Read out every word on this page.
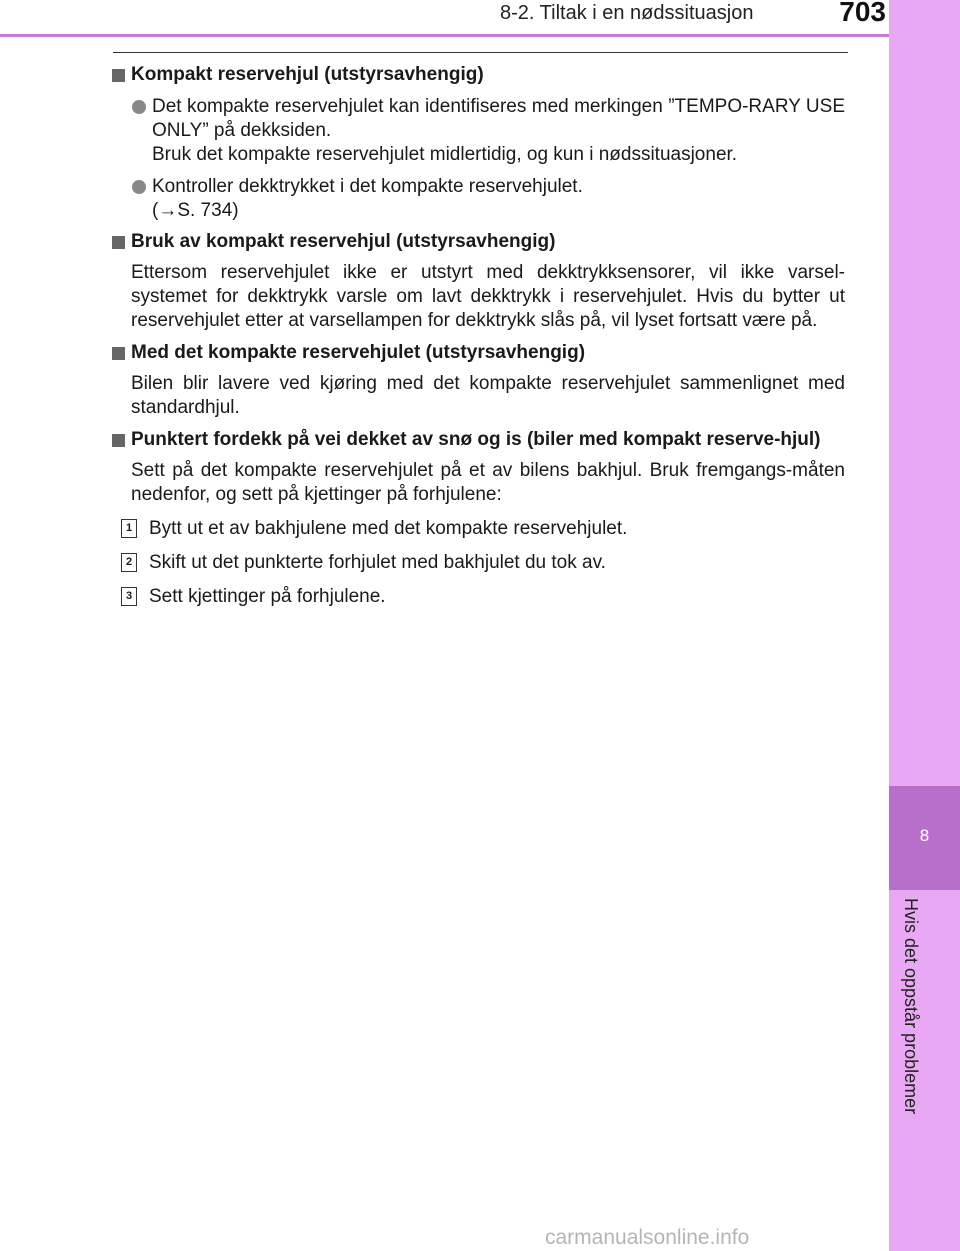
8-2. Tiltak i en nødssituasjon	703
8
Hvis det oppstår problemer

Kompakt reservehjul (utstyrsavhengig)

Det kompakte reservehjulet kan identifiseres med merkingen ”TEMPO-RARY USE ONLY” på dekksiden.
Bruk det kompakte reservehjulet midlertidig, og kun i nødssituasjoner.

Kontroller dekktrykket i det kompakte reservehjulet.
(→S. 734)

Bruk av kompakt reservehjul (utstyrsavhengig)

Ettersom reservehjulet ikke er utstyrt med dekktrykksensorer, vil ikke varsel-systemet for dekktrykk varsle om lavt dekktrykk i reservehjulet. Hvis du bytter ut reservehjulet etter at varsellampen for dekktrykk slås på, vil lyset fortsatt være på.

Med det kompakte reservehjulet (utstyrsavhengig)

Bilen blir lavere ved kjøring med det kompakte reservehjulet sammenlignet med standardhjul.

Punktert fordekk på vei dekket av snø og is (biler med kompakt reserve-hjul)

Sett på det kompakte reservehjulet på et av bilens bakhjul. Bruk fremgangs-måten nedenfor, og sett på kjettinger på forhjulene:

1 Bytt ut et av bakhjulene med det kompakte reservehjulet.

2 Skift ut det punkterte forhjulet med bakhjulet du tok av.

3 Sett kjettinger på forhjulene.

carmanualsonline.info
